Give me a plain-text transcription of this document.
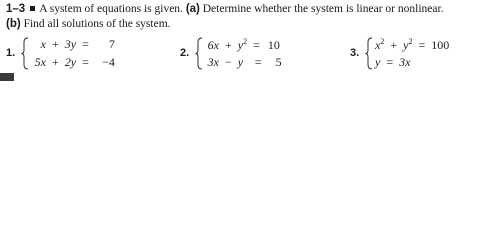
1–3 A system of equations is given. (a) Determine whether the system is linear or nonlinear.
(b) Find all solutions of the system.
1.
x + 3y = 7
5x + 2y = −4
2.
$6x + y^2 = 10$
3x − y = 5
3.
$x^2 + y^2 = 100$
y = 3x
